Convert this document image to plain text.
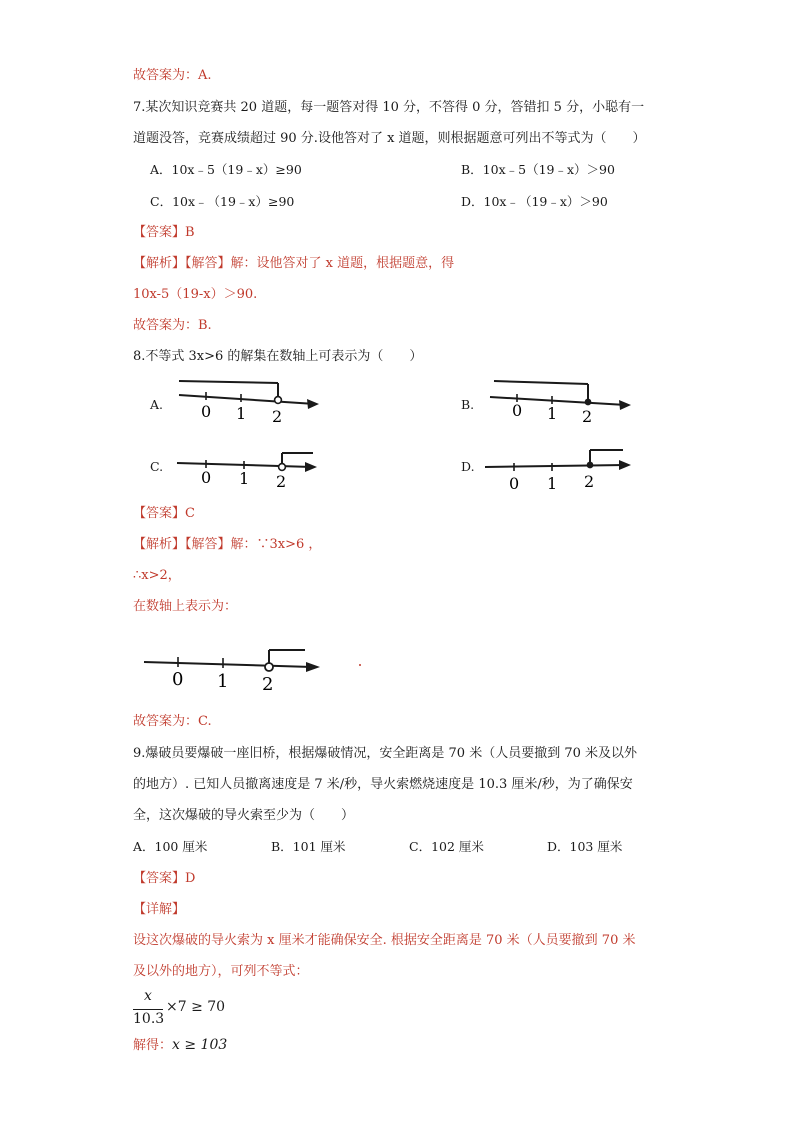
故答案为：A.
7.某次知识竞赛共 20 道题，每一题答对得 10 分，不答得 0 分，答错扣 5 分，小聪有一
道题没答，竞赛成绩超过 90 分.设他答对了 x 道题，则根据题意可列出不等式为（　　）
A．10x﹣5（19﹣x）≥90	B．10x﹣5（19﹣x）＞90
C．10x﹣（19﹣x）≥90	D．10x﹣（19﹣x）＞90
【答案】B
【解析】【解答】解：设他答对了 x 道题，根据题意，得
10x-5（19-x）＞90.
故答案为：B.
8.不等式 3x>6 的解集在数轴上可表示为（　　）
A. 0 1 2
B. 0 1 2
C.
0 1 2
D.
0 1 2
【答案】C
【解析】【解答】解：∵3x>6 ，
∴x>2，
在数轴上表示为：
0 1 2
故答案为：C.
9.爆破员要爆破一座旧桥，根据爆破情况，安全距离是 70 米（人员要撤到 70 米及以外
的地方）. 已知人员撤离速度是 7 米/秒，导火索燃烧速度是 10.3 厘米/秒，为了确保安
全，这次爆破的导火索至少为（　　）
A．100 厘米	B．101 厘米	C．102 厘米	D．103 厘米
【答案】D
【详解】
设这次爆破的导火索为 x 厘米才能确保安全. 根据安全距离是 70 米（人员要撤到 70 米
及以外的地方），可列不等式：
x
10.3
×7 ≥ 70
解得：x ≥ 103
